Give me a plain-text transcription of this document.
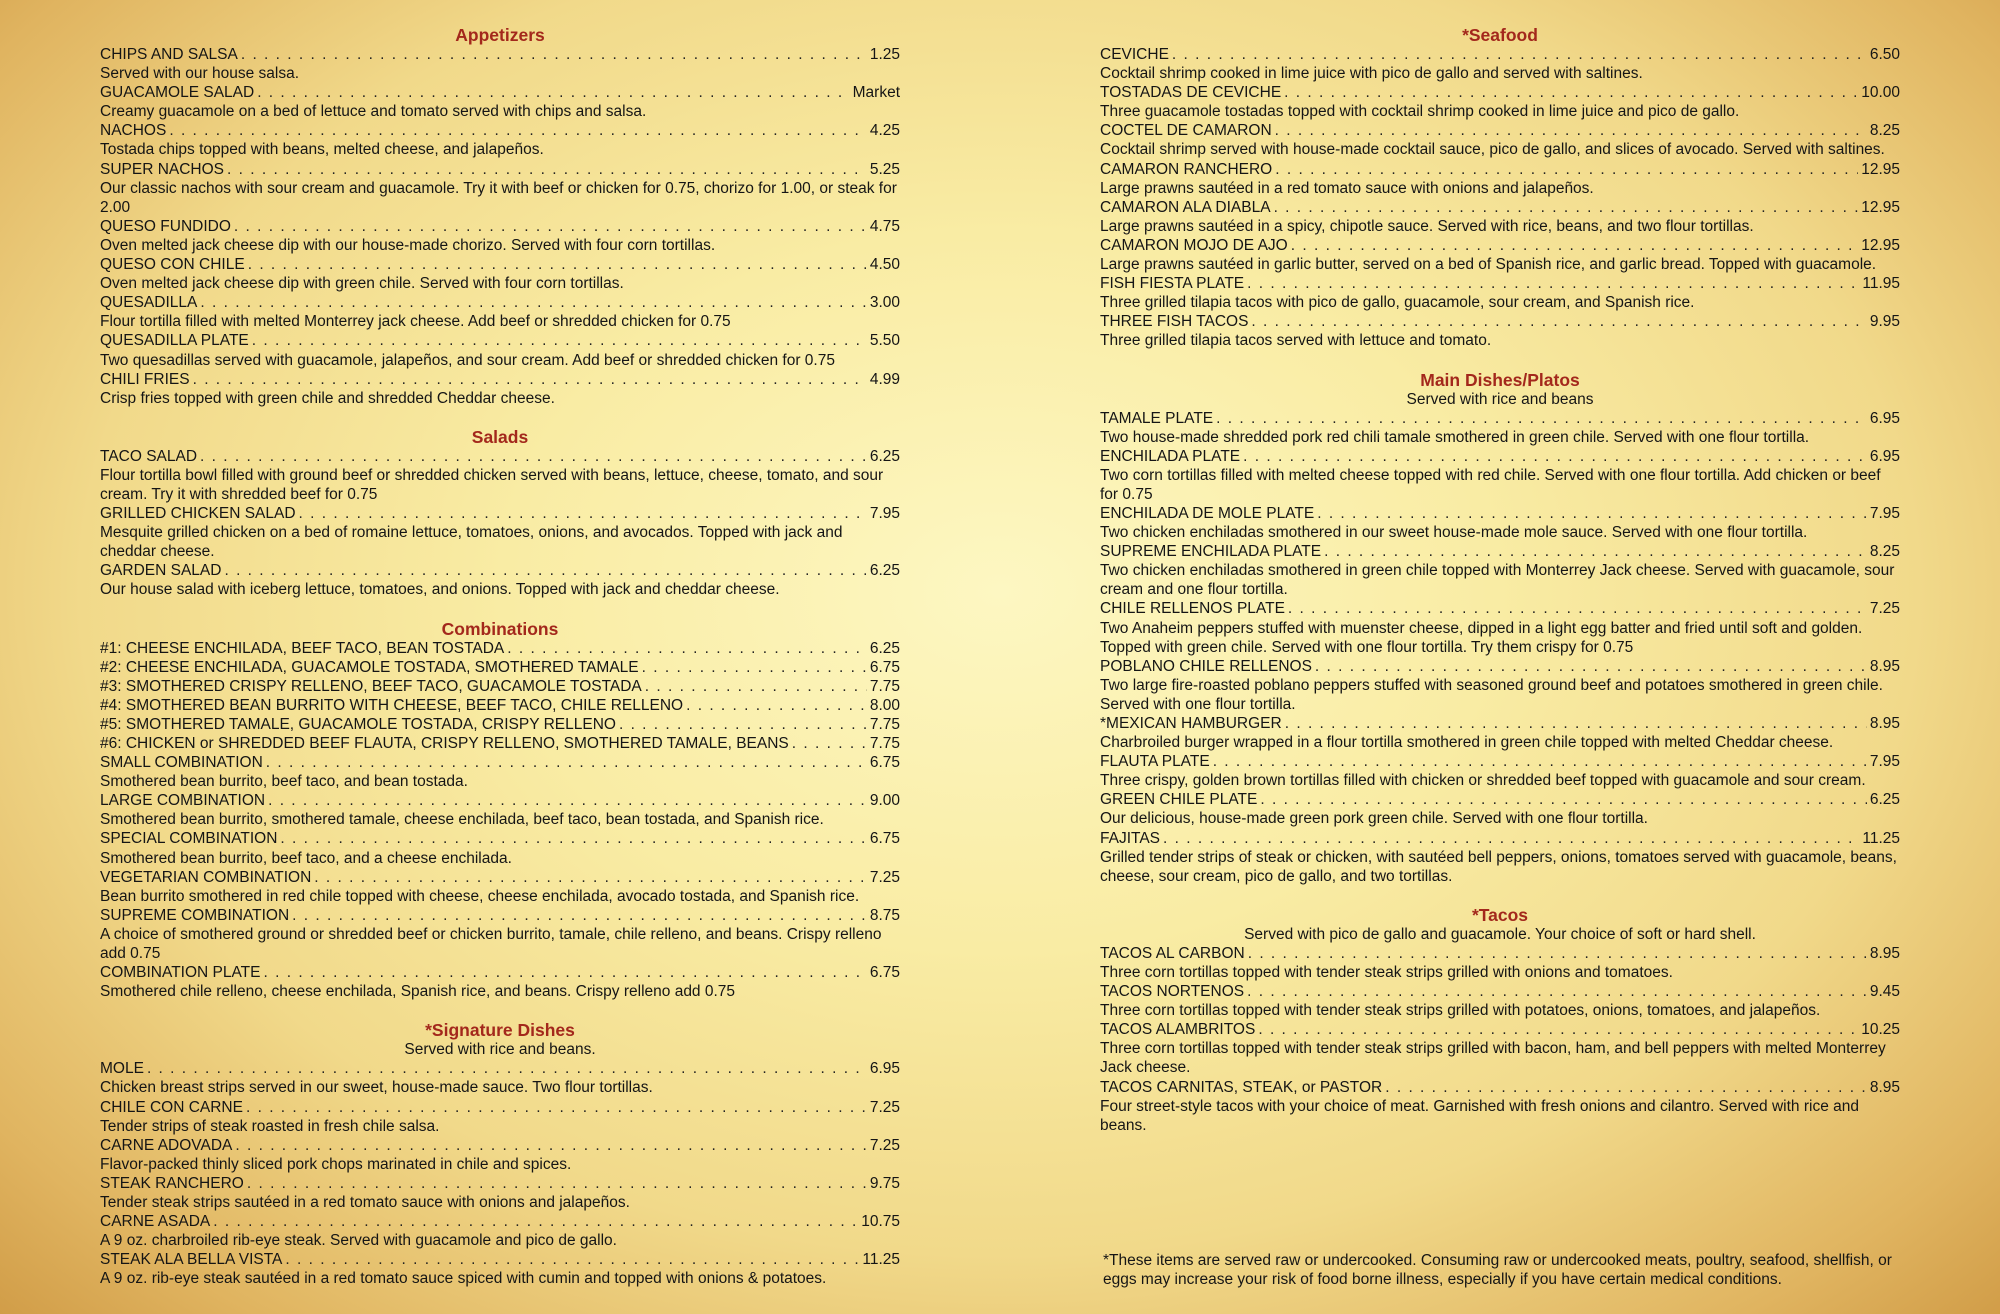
Appetizers
CHIPS AND SALSA . . .	1.25
Served with our house salsa.
GUACAMOLE SALAD . . .	Market
Creamy guacamole on a bed of lettuce and tomato served with chips and salsa.
NACHOS . . .	4.25
Tostada chips topped with beans, melted cheese, and jalapeños.
SUPER NACHOS . . .	5.25
Our classic nachos with sour cream and guacamole. Try it with beef or chicken for 0.75, chorizo for 1.00, or steak for 2.00
QUESO FUNDIDO . . .	4.75
Oven melted jack cheese dip with our house-made chorizo. Served with four corn tortillas.
QUESO CON CHILE . . .	4.50
Oven melted jack cheese dip with green chile. Served with four corn tortillas.
QUESADILLA . . .	3.00
Flour tortilla filled with melted Monterrey jack cheese. Add beef or shredded chicken for 0.75
QUESADILLA PLATE . . .	5.50
Two quesadillas served with guacamole, jalapeños, and sour cream. Add beef or shredded chicken for 0.75
CHILI FRIES . . .	4.99
Crisp fries topped with green chile and shredded Cheddar cheese.
Salads
TACO SALAD . . .	6.25
Flour tortilla bowl filled with ground beef or shredded chicken served with beans, lettuce, cheese, tomato, and sour cream. Try it with shredded beef for 0.75
GRILLED CHICKEN SALAD . . .	7.95
Mesquite grilled chicken on a bed of romaine lettuce, tomatoes, onions, and avocados. Topped with jack and cheddar cheese.
GARDEN SALAD . . .	6.25
Our house salad with iceberg lettuce, tomatoes, and onions. Topped with jack and cheddar cheese.
Combinations
#1: CHEESE ENCHILADA, BEEF TACO, BEAN TOSTADA . . .	6.25
#2: CHEESE ENCHILADA, GUACAMOLE TOSTADA, SMOTHERED TAMALE . . .	6.75
#3: SMOTHERED CRISPY RELLENO, BEEF TACO, GUACAMOLE TOSTADA . . .	7.75
#4: SMOTHERED BEAN BURRITO WITH CHEESE, BEEF TACO, CHILE RELLENO . . .	8.00
#5: SMOTHERED TAMALE, GUACAMOLE TOSTADA, CRISPY RELLENO . . .	7.75
#6: CHICKEN or SHREDDED BEEF FLAUTA, CRISPY RELLENO, SMOTHERED TAMALE, BEANS . . .	7.75
SMALL COMBINATION . . .	6.75
Smothered bean burrito, beef taco, and bean tostada.
LARGE COMBINATION . . .	9.00
Smothered bean burrito, smothered tamale, cheese enchilada, beef taco, bean tostada, and Spanish rice.
SPECIAL COMBINATION . . .	6.75
Smothered bean burrito, beef taco, and a cheese enchilada.
VEGETARIAN COMBINATION . . .	7.25
Bean burrito smothered in red chile topped with cheese, cheese enchilada, avocado tostada, and Spanish rice.
SUPREME COMBINATION . . .	8.75
A choice of smothered ground or shredded beef or chicken burrito, tamale, chile relleno, and beans. Crispy relleno add 0.75
COMBINATION PLATE . . .	6.75
Smothered chile relleno, cheese enchilada, Spanish rice, and beans. Crispy relleno add 0.75
*Signature Dishes
Served with rice and beans.
MOLE . . .	6.95
Chicken breast strips served in our sweet, house-made sauce. Two flour tortillas.
CHILE CON CARNE . . .	7.25
Tender strips of steak roasted in fresh chile salsa.
CARNE ADOVADA . . .	7.25
Flavor-packed thinly sliced pork chops marinated in chile and spices.
STEAK RANCHERO . . .	9.75
Tender steak strips sautéed in a red tomato sauce with onions and jalapeños.
CARNE ASADA . . .	10.75
A 9 oz. charbroiled rib-eye steak. Served with guacamole and pico de gallo.
STEAK ALA BELLA VISTA . . .	11.25
A 9 oz. rib-eye steak sautéed in a red tomato sauce spiced with cumin and topped with onions & potatoes.
*Seafood
CEVICHE . . .	6.50
Cocktail shrimp cooked in lime juice with pico de gallo and served with saltines.
TOSTADAS DE CEVICHE . . .	10.00
Three guacamole tostadas topped with cocktail shrimp cooked in lime juice and pico de gallo.
COCTEL DE CAMARON . . .	8.25
Cocktail shrimp served with house-made cocktail sauce, pico de gallo, and slices of avocado. Served with saltines.
CAMARON RANCHERO . . .	12.95
Large prawns sautéed in a red tomato sauce with onions and jalapeños.
CAMARON ALA DIABLA . . .	12.95
Large prawns sautéed in a spicy, chipotle sauce. Served with rice, beans, and two flour tortillas.
CAMARON MOJO DE AJO . . .	12.95
Large prawns sautéed in garlic butter, served on a bed of Spanish rice, and garlic bread. Topped with guacamole.
FISH FIESTA PLATE . . .	11.95
Three grilled tilapia tacos with pico de gallo, guacamole, sour cream, and Spanish rice.
THREE FISH TACOS . . .	9.95
Three grilled tilapia tacos served with lettuce and tomato.
Main Dishes/Platos
Served with rice and beans
TAMALE PLATE . . .	6.95
Two house-made shredded pork red chili tamale smothered in green chile. Served with one flour tortilla.
ENCHILADA PLATE . . .	6.95
Two corn tortillas filled with melted cheese topped with red chile. Served with one flour tortilla. Add chicken or beef for 0.75
ENCHILADA DE MOLE PLATE . . .	7.95
Two chicken enchiladas smothered in our sweet house-made mole sauce. Served with one flour tortilla.
SUPREME ENCHILADA PLATE . . .	8.25
Two chicken enchiladas smothered in green chile topped with Monterrey Jack cheese. Served with guacamole, sour cream and one flour tortilla.
CHILE RELLENOS PLATE . . .	7.25
Two Anaheim peppers stuffed with muenster cheese, dipped in a light egg batter and fried until soft and golden. Topped with green chile. Served with one flour tortilla. Try them crispy for 0.75
POBLANO CHILE RELLENOS . . .	8.95
Two large fire-roasted poblano peppers stuffed with seasoned ground beef and potatoes smothered in green chile. Served with one flour tortilla.
*MEXICAN HAMBURGER . . .	8.95
Charbroiled burger wrapped in a flour tortilla smothered in green chile topped with melted Cheddar cheese.
FLAUTA PLATE . . .	7.95
Three crispy, golden brown tortillas filled with chicken or shredded beef topped with guacamole and sour cream.
GREEN CHILE PLATE . . .	6.25
Our delicious, house-made green pork green chile. Served with one flour tortilla.
FAJITAS . . .	11.25
Grilled tender strips of steak or chicken, with sautéed bell peppers, onions, tomatoes served with guacamole, beans, cheese, sour cream, pico de gallo, and two tortillas.
*Tacos
Served with pico de gallo and guacamole. Your choice of soft or hard shell.
TACOS AL CARBON . . .	8.95
Three corn tortillas topped with tender steak strips grilled with onions and tomatoes.
TACOS NORTENOS . . .	9.45
Three corn tortillas topped with tender steak strips grilled with potatoes, onions, tomatoes, and jalapeños.
TACOS ALAMBRITOS . . .	10.25
Three corn tortillas topped with tender steak strips grilled with bacon, ham, and bell peppers with melted Monterrey Jack cheese.
TACOS CARNITAS, STEAK, or PASTOR . . .	8.95
Four street-style tacos with your choice of meat. Garnished with fresh onions and cilantro. Served with rice and beans.
*These items are served raw or undercooked. Consuming raw or undercooked meats, poultry, seafood, shellfish, or eggs may increase your risk of food borne illness, especially if you have certain medical conditions.
